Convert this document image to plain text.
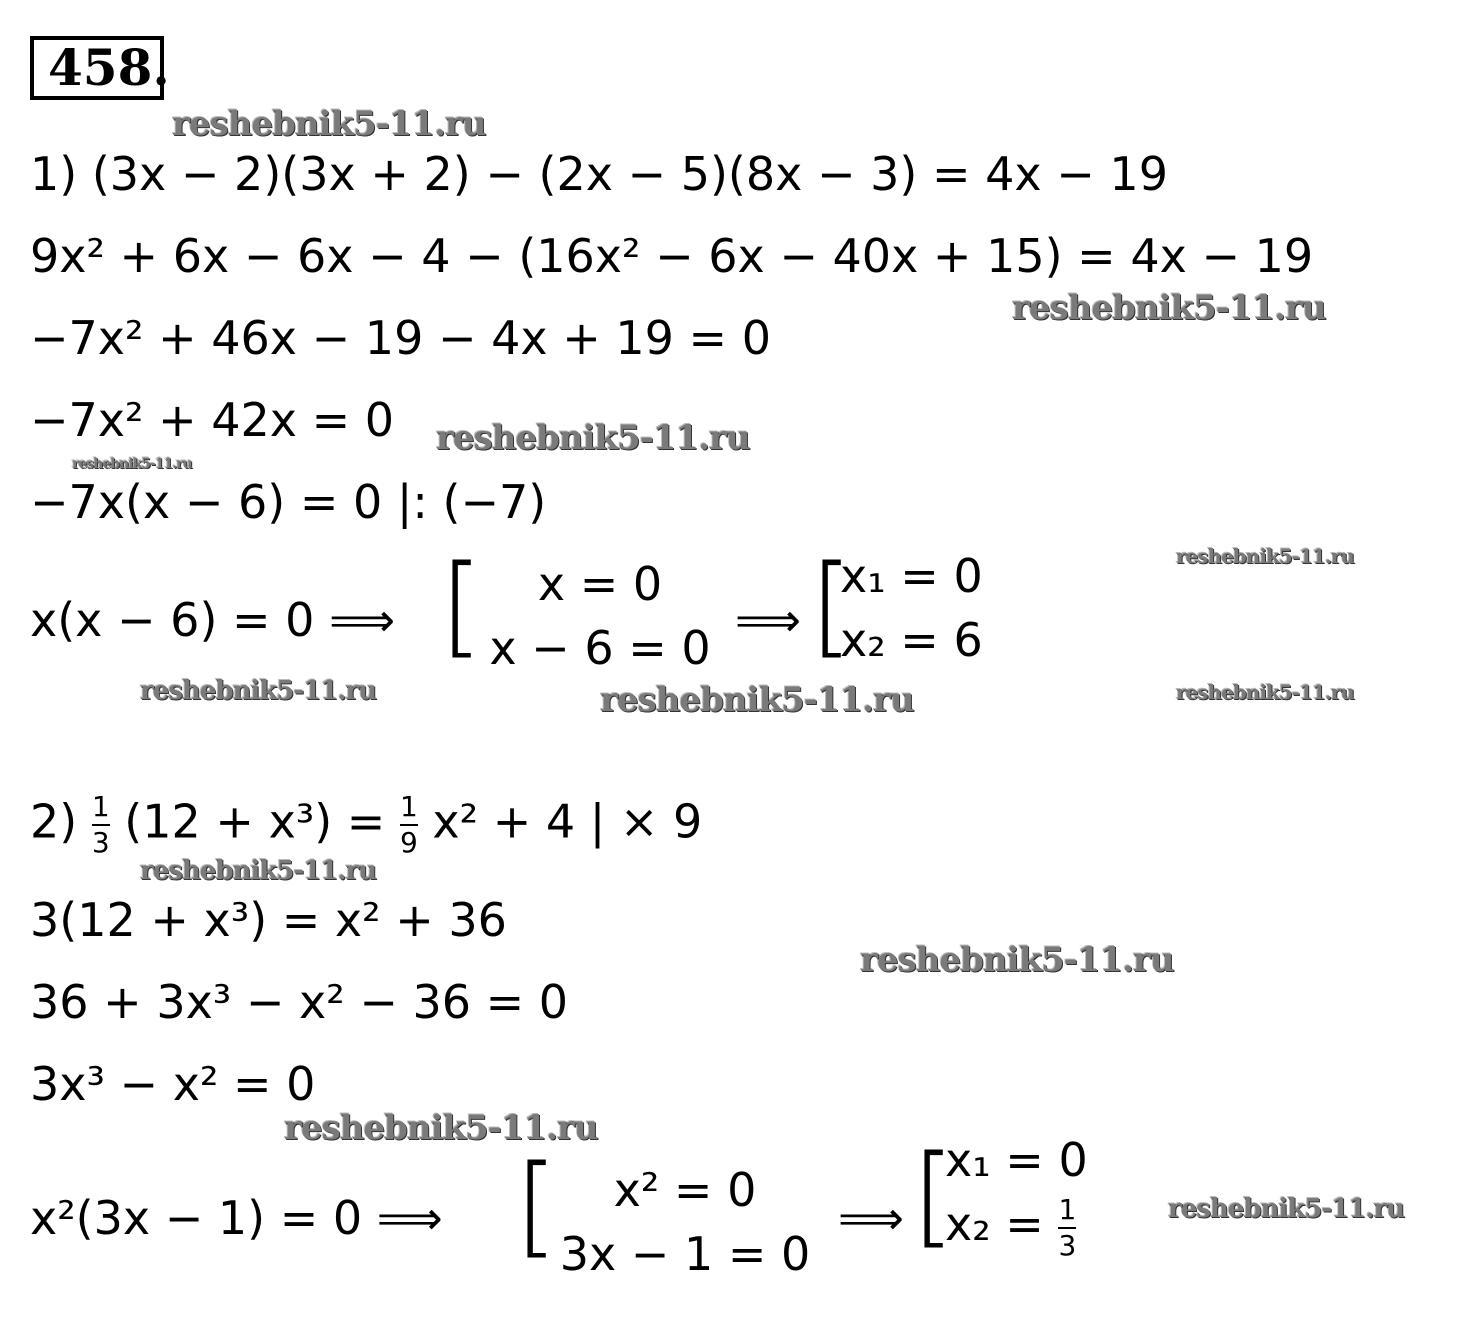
458.
1) (3x − 2)(3x + 2) − (2x − 5)(8x − 3) = 4x − 19
9x² + 6x − 6x − 4 − (16x² − 6x − 40x + 15) = 4x − 19
−7x² + 46x − 19 − 4x + 19 = 0
−7x² + 42x = 0
−7x(x − 6) = 0 |: (−7)
x(x − 6) = 0 ⟹ [	x = 0
x − 6 = 0
⟹ [
x₁ = 0
x₂ = 6
$2) \frac{1}{3} (12 + x^3) = \frac{1}{9} x^2 + 4$ | × 9
3(12 + x³) = x² + 36
36 + 3x³ − x² − 36 = 0
3x³ − x² = 0
x²(3x − 1) = 0 ⟹ [	x² = 0
3x − 1 = 0
⟹ [
x₁ = 0
$x_2 = \frac{1}{3}$
reshebnik5-11.ru
reshebnik5-11.ru
reshebnik5-11.ru
reshebnik5-11.ru
reshebnik5-11.ru
reshebnik5-11.ru	reshebnik5-11.ru	reshebnik5-11.ru
reshebnik5-11.ru
reshebnik5-11.ru
reshebnik5-11.ru
reshebnik5-11.ru
